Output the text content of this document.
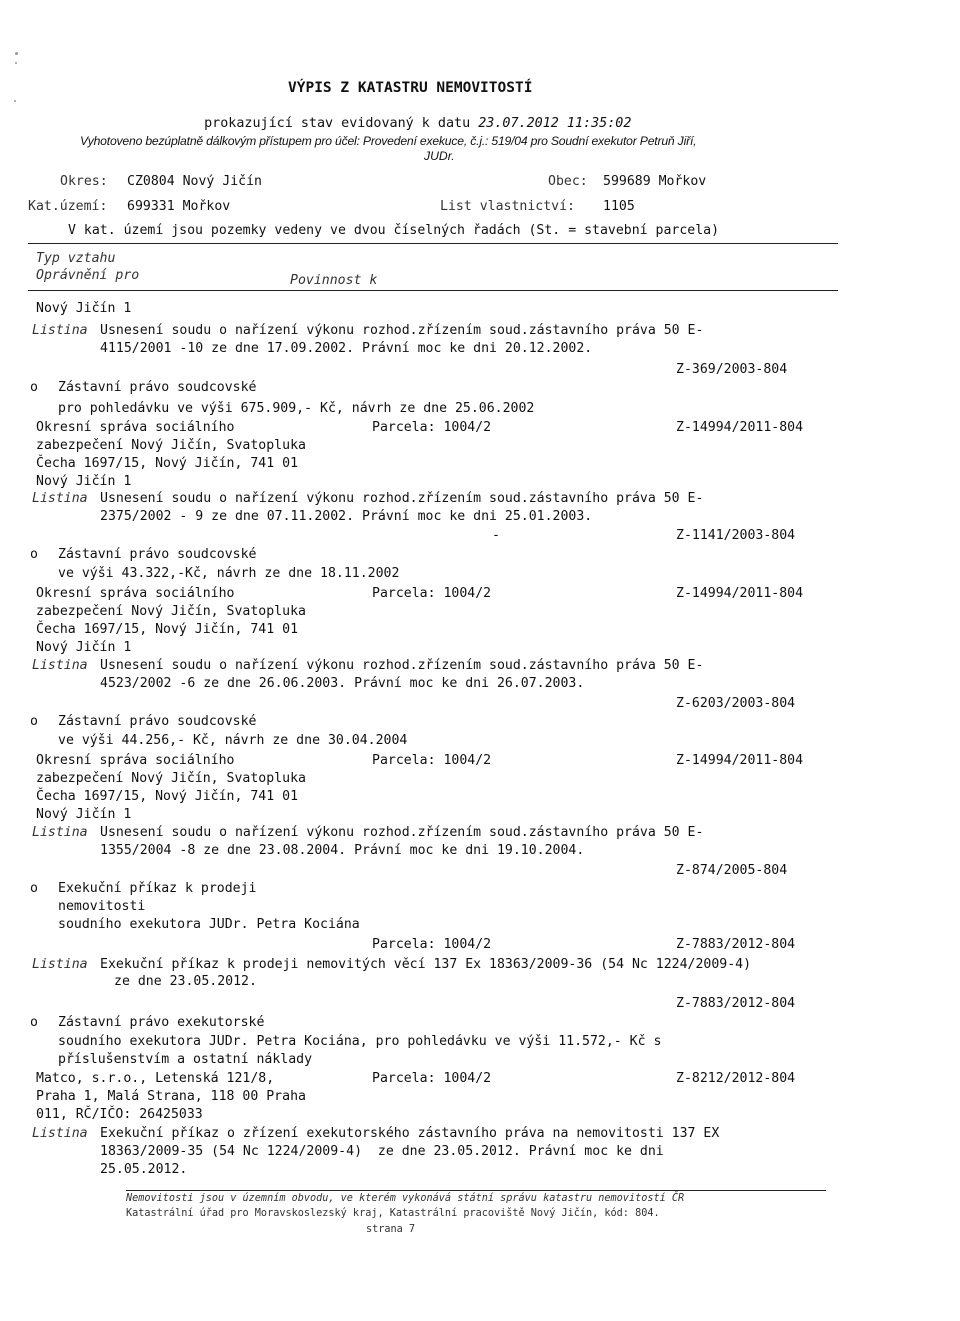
VÝPIS Z KATASTRU NEMOVITOSTÍ

prokazující stav evidovaný k datu 23.07.2012 11:35:02

Vyhotoveno bezúplatně dálkovým přístupem pro účel: Provedení exekuce, č.j.: 519/04 pro Soudní exekutor Petruň Jiří,
JUDr.
Okres: CZ0804 Nový Jičín	Obec: 599689 Mořkov
Kat.území: 699331 Mořkov	List vlastnictví: 1105
V kat. území jsou pozemky vedeny ve dvou číselných řadách (St. = stavební parcela)
Typ vztahu
Oprávnění pro	Povinnost k
Nový Jičín 1
Listina Usnesení soudu o nařízení výkonu rozhod.zřízením soud.zástavního práva 50 E-
4115/2001 -10 ze dne 17.09.2002. Právní moc ke dni 20.12.2002.
Z-369/2003-804
o Zástavní právo soudcovské
pro pohledávku ve výši 675.909,- Kč, návrh ze dne 25.06.2002
Okresní správa sociálního	Parcela: 1004/2	Z-14994/2011-804
zabezpečení Nový Jičín, Svatopluka
Čecha 1697/15, Nový Jičín, 741 01
Nový Jičín 1
Listina Usnesení soudu o nařízení výkonu rozhod.zřízením soud.zástavního práva 50 E-
2375/2002 - 9 ze dne 07.11.2002. Právní moc ke dni 25.01.2003.
-	Z-1141/2003-804
o Zástavní právo soudcovské
ve výši 43.322,-Kč, návrh ze dne 18.11.2002
Okresní správa sociálního	Parcela: 1004/2	Z-14994/2011-804
zabezpečení Nový Jičín, Svatopluka
Čecha 1697/15, Nový Jičín, 741 01
Nový Jičín 1
Listina Usnesení soudu o nařízení výkonu rozhod.zřízením soud.zástavního práva 50 E-
4523/2002 -6 ze dne 26.06.2003. Právní moc ke dni 26.07.2003.
Z-6203/2003-804
o Zástavní právo soudcovské
ve výši 44.256,- Kč, návrh ze dne 30.04.2004
Okresní správa sociálního	Parcela: 1004/2	Z-14994/2011-804
zabezpečení Nový Jičín, Svatopluka
Čecha 1697/15, Nový Jičín, 741 01
Nový Jičín 1
Listina Usnesení soudu o nařízení výkonu rozhod.zřízením soud.zástavního práva 50 E-
1355/2004 -8 ze dne 23.08.2004. Právní moc ke dni 19.10.2004.
Z-874/2005-804
o Exekuční příkaz k prodeji
nemovitosti
soudního exekutora JUDr. Petra Kociána
Parcela: 1004/2	Z-7883/2012-804
Listina Exekuční příkaz k prodeji nemovitých věcí 137 Ex 18363/2009-36 (54 Nc 1224/2009-4)
ze dne 23.05.2012.
Z-7883/2012-804
o Zástavní právo exekutorské
soudního exekutora JUDr. Petra Kociána, pro pohledávku ve výši 11.572,- Kč s
příslušenstvím a ostatní náklady
Matco, s.r.o., Letenská 121/8,	Parcela: 1004/2	Z-8212/2012-804
Praha 1, Malá Strana, 118 00 Praha
011, RČ/IČO: 26425033
Listina Exekuční příkaz o zřízení exekutorského zástavního práva na nemovitosti 137 EX
18363/2009-35 (54 Nc 1224/2009-4)  ze dne 23.05.2012. Právní moc ke dni
25.05.2012.
Nemovitosti jsou v územním obvodu, ve kterém vykonává státní správu katastru nemovitostí ČR
Katastrální úřad pro Moravskoslezský kraj, Katastrální pracoviště Nový Jičín, kód: 804.
strana 7
